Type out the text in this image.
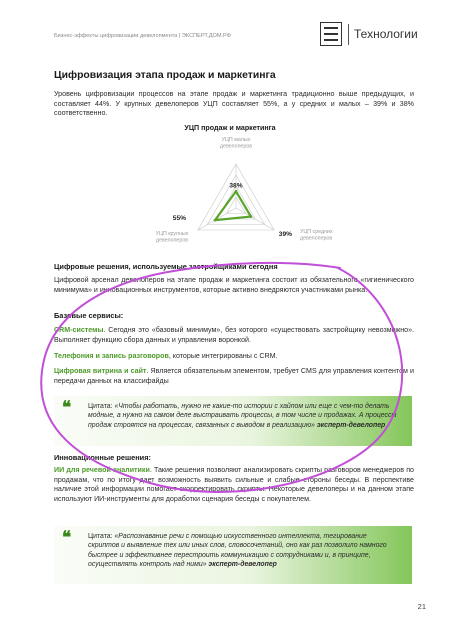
Бизнес-эффекты цифровизации девелопмента | ЭКСПЕРТ.ДОМ.РФ	Технологии
Цифровизация этапа продаж и маркетинга
Уровень цифровизации процессов на этапе продаж и маркетинга традиционно выше предыдущих, и составляет 44%. У крупных девелоперов УЦП составляет 55%, а у средних и малых – 39% и 38% соответственно.
УЦП продаж и маркетинга
УЦП малых девелоперов
38%
УЦП средних девелоперов
39%
УЦП крупных девелоперов
55%
Цифровые решения, используемые застройщиками сегодня
Цифровой арсенал девелоперов на этапе продаж и маркетинга состоит из обязательного «гигиенического минимума» и инновационных инструментов, которые активно внедряются участниками рынка.
Базовые сервисы:
CRM-системы. Сегодня это «базовый минимум», без которого «существовать застройщику невозможно». Выполняет функцию сбора данных и управления воронкой.
Телефония и запись разговоров, которые интегрированы с CRM.
Цифровая витрина и сайт. Является обязательным элементом, требует CMS для управления контентом и передачи данных на классифайды
❝ Цитата: «Чтобы работать, нужно не какие-то истории с хайпом или еще с чем-то делать модные, а нужно на самом деле выстраивать процессы, в том числе и продажах. А процессы продаж строятся на процессах, связанных с выводом в реализацию» эксперт-девелопер
Инновационные решения:
ИИ для речевой аналитики. Такие решения позволяют анализировать скрипты разговоров менеджеров по продажам, что по итогу дает возможность выявить сильные и слабые стороны беседы. В перспективе наличие этой информации помогает скорректировать скрипты. Некоторые девелоперы и на данном этапе используют ИИ-инструменты для доработки сценария беседы с покупателем.
❝ Цитата: «Распознавание речи с помощью искусственного интеллекта, тегирование скриптов и выявление тех или иных слов, словосочетаний, оно как раз позволило намного быстрее и эффективнее перестроить коммуникацию с сотрудниками и, в принципе, осуществлять контроль над ними» эксперт-девелопер
21
